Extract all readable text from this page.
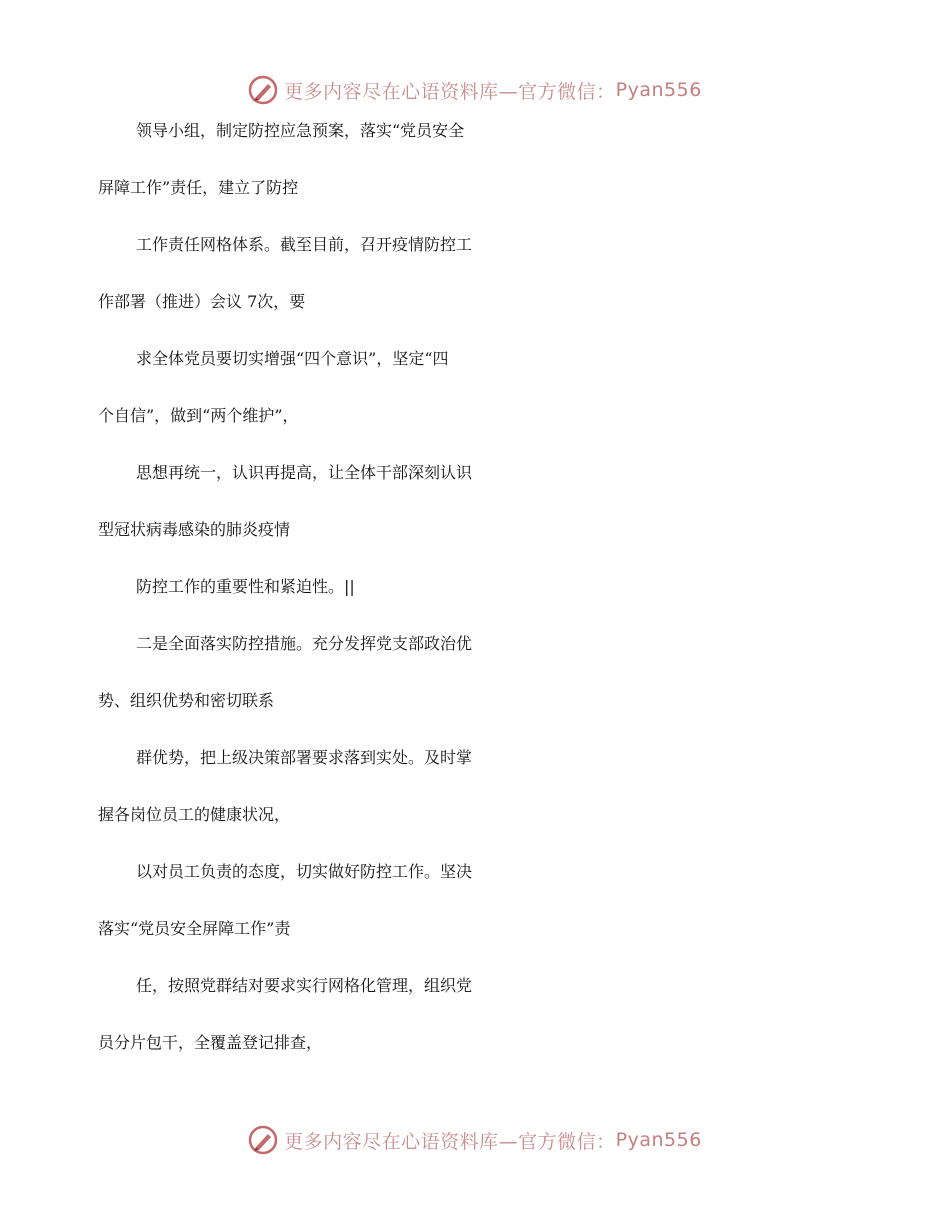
更多内容尽在心语资料库—官方微信： Pyan556
领导小组，制定防控应急预案，落实“党员安全
屏障工作”责任，建立了防控
工作责任网格体系。截至目前，召开疫情防控工
作部署（推进）会议 7次，要
求全体党员要切实增强“四个意识”，坚定“四
个自信”，做到“两个维护”，
思想再统一，认识再提高，让全体干部深刻认识
型冠状病毒感染的肺炎疫情
防控工作的重要性和紧迫性。||
二是全面落实防控措施。充分发挥党支部政治优
势、组织优势和密切联系
群优势，把上级决策部署要求落到实处。及时掌
握各岗位员工的健康状况，
以对员工负责的态度，切实做好防控工作。坚决
落实“党员安全屏障工作”责
任，按照党群结对要求实行网格化管理，组织党
员分片包干，全覆盖登记排查，
更多内容尽在心语资料库—官方微信： Pyan556
